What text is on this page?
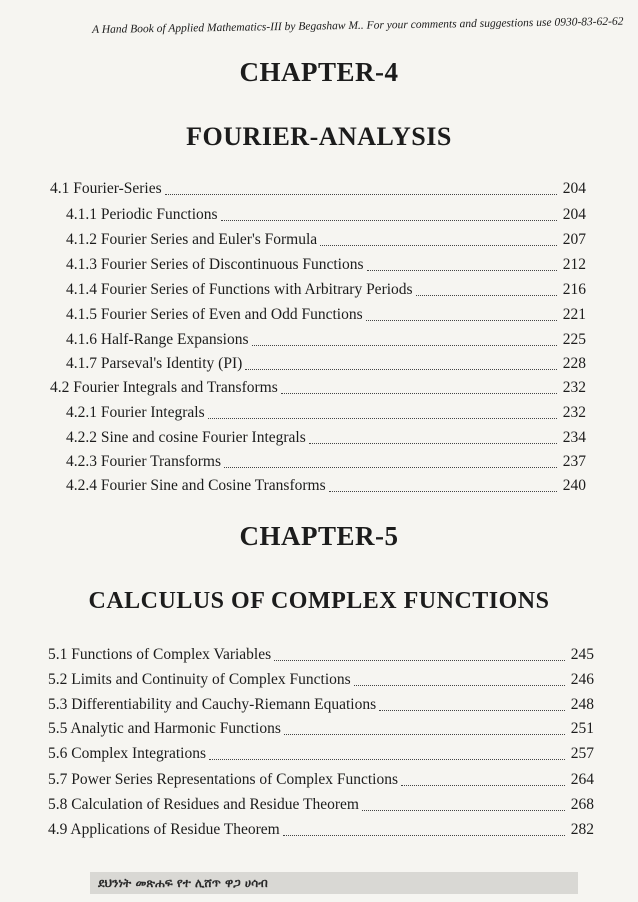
A Hand Book of Applied Mathematics-III by Begashaw M.. For your comments and suggestions use 0930-83-62-62
CHAPTER-4
FOURIER-ANALYSIS
4.1 Fourier-Series	204
4.1.1 Periodic Functions	204
4.1.2 Fourier Series and Euler's Formula	207
4.1.3 Fourier Series of Discontinuous Functions	212
4.1.4 Fourier Series of Functions with Arbitrary Periods	216
4.1.5 Fourier Series of Even and Odd Functions	221
4.1.6 Half-Range Expansions	225
4.1.7 Parseval's Identity (PI)	228
4.2 Fourier Integrals and Transforms	232
4.2.1 Fourier Integrals	232
4.2.2 Sine and cosine Fourier Integrals	234
4.2.3 Fourier Transforms	237
4.2.4 Fourier Sine and Cosine Transforms	240
CHAPTER-5
CALCULUS OF COMPLEX FUNCTIONS
5.1 Functions of Complex Variables	245
5.2 Limits and Continuity of Complex Functions	246
5.3 Differentiability and Cauchy-Riemann Equations	248
5.5 Analytic and Harmonic Functions	251
5.6 Complex Integrations	257
5.7 Power Series Representations of Complex Functions	264
5.8 Calculation of Residues and Residue Theorem	268
4.9 Applications of Residue Theorem	282
ደህንነት መጽሐፍ የተ ሊሸጥ ዋጋ ሀሳብ
